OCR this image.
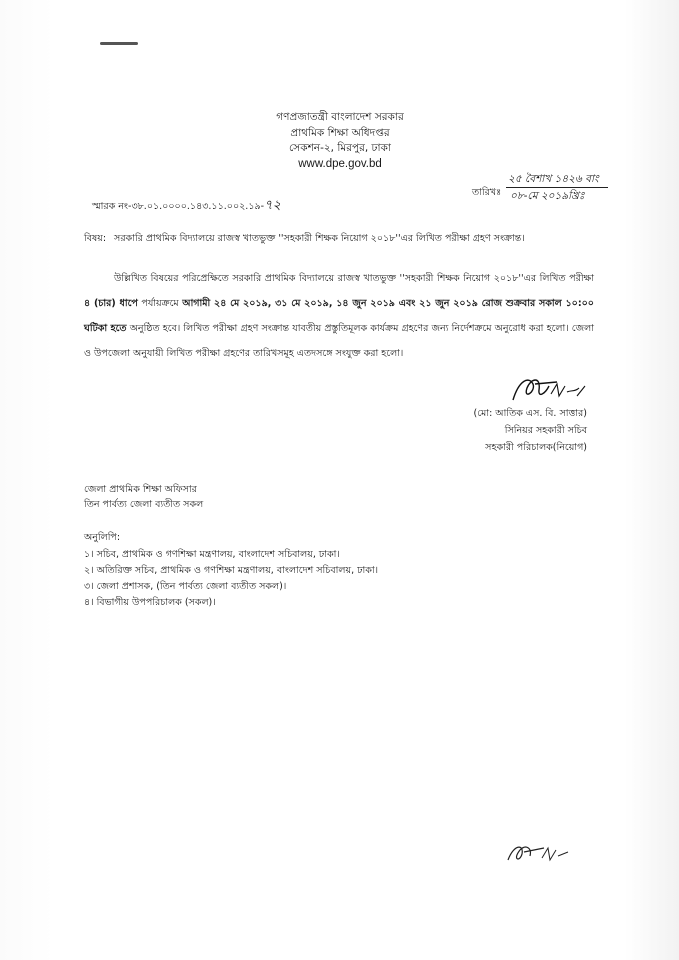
গণপ্রজাতন্ত্রী বাংলাদেশ সরকার
প্রাথমিক শিক্ষা অধিদপ্তর
সেকশন-২, মিরপুর, ঢাকা
www.dpe.gov.bd
স্মারক নং-৩৮.০১.০০০০.১৪৩.১১.০০২.১৯-৭২
তারিখঃ
২৫ বৈশাখ ১৪২৬ বাং
০৮-মে ২০১৯খ্রিঃ
বিষয়: সরকারি প্রাথমিক বিদ্যালয়ে রাজস্ব খাতভুক্ত ''সহকারী শিক্ষক নিয়োগ ২০১৮''এর লিখিত পরীক্ষা গ্রহণ সংক্রান্ত।

উল্লিখিত বিষয়ের পরিপ্রেক্ষিতে সরকারি প্রাথমিক বিদ্যালয়ে রাজস্ব খাতভুক্ত ''সহকারী শিক্ষক নিয়োগ ২০১৮''এর লিখিত পরীক্ষা ৪ (চার) ধাপে পর্যায়ক্রমে আগামী ২৪ মে ২০১৯, ৩১ মে ২০১৯, ১৪ জুন ২০১৯ এবং ২১ জুন ২০১৯ রোজ শুক্রবার সকাল ১০:০০ ঘটিকা হতে অনুষ্ঠিত হবে। লিখিত পরীক্ষা গ্রহণ সংক্রান্ত যাবতীয় প্রস্তুতিমূলক কার্যক্রম গ্রহণের জন্য নির্দেশক্রমে অনুরোধ করা হলো। জেলা ও উপজেলা অনুযায়ী লিখিত পরীক্ষা গ্রহণের তারিখসমূহ এতদসঙ্গে সংযুক্ত করা হলো।

(মো: আতিক এস. বি. সাত্তার)
সিনিয়র সহকারী সচিব
সহকারী পরিচালক(নিয়োগ)
জেলা প্রাথমিক শিক্ষা অফিসার
তিন পার্বত্য জেলা ব্যতীত সকল
অনুলিপি:
১। সচিব, প্রাথমিক ও গণশিক্ষা মন্ত্রণালয়, বাংলাদেশ সচিবালয়, ঢাকা।
২। অতিরিক্ত সচিব, প্রাথমিক ও গণশিক্ষা মন্ত্রণালয়, বাংলাদেশ সচিবালয়, ঢাকা।
৩। জেলা প্রশাসক, (তিন পার্বত্য জেলা ব্যতীত সকল)।
৪। বিভাগীয় উপপরিচালক (সকল)।
